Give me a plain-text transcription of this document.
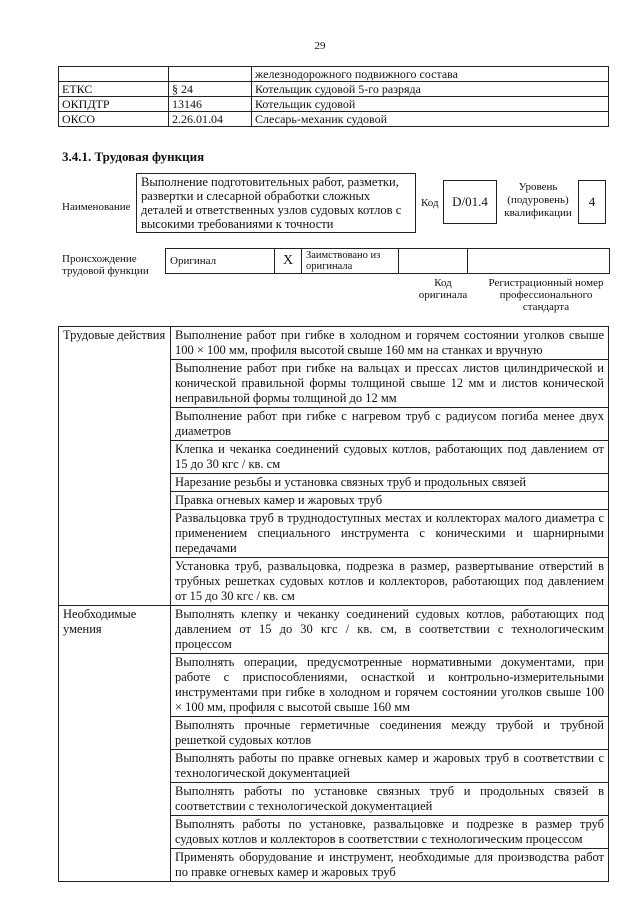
29
		железнодорожного подвижного состава
ЕТКС	§ 24	Котельщик судовой 5-го разряда
ОКПДТР	13146	Котельщик судовой
ОКСО	2.26.01.04	Слесарь-механик судовой
3.4.1. Трудовая функция
Наименование
Выполнение подготовительных работ, разметки, развертки и слесарной обработки сложных деталей и ответственных узлов судовых котлов с высокими требованиями к точности
Код	D/01.4
Уровень (подуровень) квалификации
4
Происхождение трудовой функции
Оригинал	X	Заимствовано из оригинала		
Код оригинала
Регистрационный номер профессионального стандарта
Трудовые действия	Выполнение работ при гибке в холодном и горячем состоянии уголков свыше 100 × 100 мм, профиля высотой свыше 160 мм на станках и вручную
	Выполнение работ при гибке на вальцах и прессах листов цилиндрической и конической правильной формы толщиной свыше 12 мм и листов конической неправильной формы толщиной до 12 мм
	Выполнение работ при гибке с нагревом труб с радиусом погиба менее двух диаметров
	Клепка и чеканка соединений судовых котлов, работающих под давлением от 15 до 30 кгс / кв. см
	Нарезание резьбы и установка связных труб и продольных связей
	Правка огневых камер и жаровых труб
	Развальцовка труб в труднодоступных местах и коллекторах малого диаметра с применением специального инструмента с коническими и шарнирными передачами
	Установка труб, развальцовка, подрезка в размер, развертывание отверстий в трубных решетках судовых котлов и коллекторов, работающих под давлением от 15 до 30 кгс / кв. см
Необходимые умения	Выполнять клепку и чеканку соединений судовых котлов, работающих под давлением от 15 до 30 кгс / кв. см, в соответствии с технологическим процессом
	Выполнять операции, предусмотренные нормативными документами, при работе с приспособлениями, оснасткой и контрольно-измерительными инструментами при гибке в холодном и горячем состоянии уголков свыше 100 × 100 мм, профиля с высотой свыше 160 мм
	Выполнять прочные герметичные соединения между трубой и трубной решеткой судовых котлов
	Выполнять работы по правке огневых камер и жаровых труб в соответствии с технологической документацией
	Выполнять работы по установке связных труб и продольных связей в соответствии с технологической документацией
	Выполнять работы по установке, развальцовке и подрезке в размер труб судовых котлов и коллекторов в соответствии с технологическим процессом
	Применять оборудование и инструмент, необходимые для производства работ по правке огневых камер и жаровых труб
